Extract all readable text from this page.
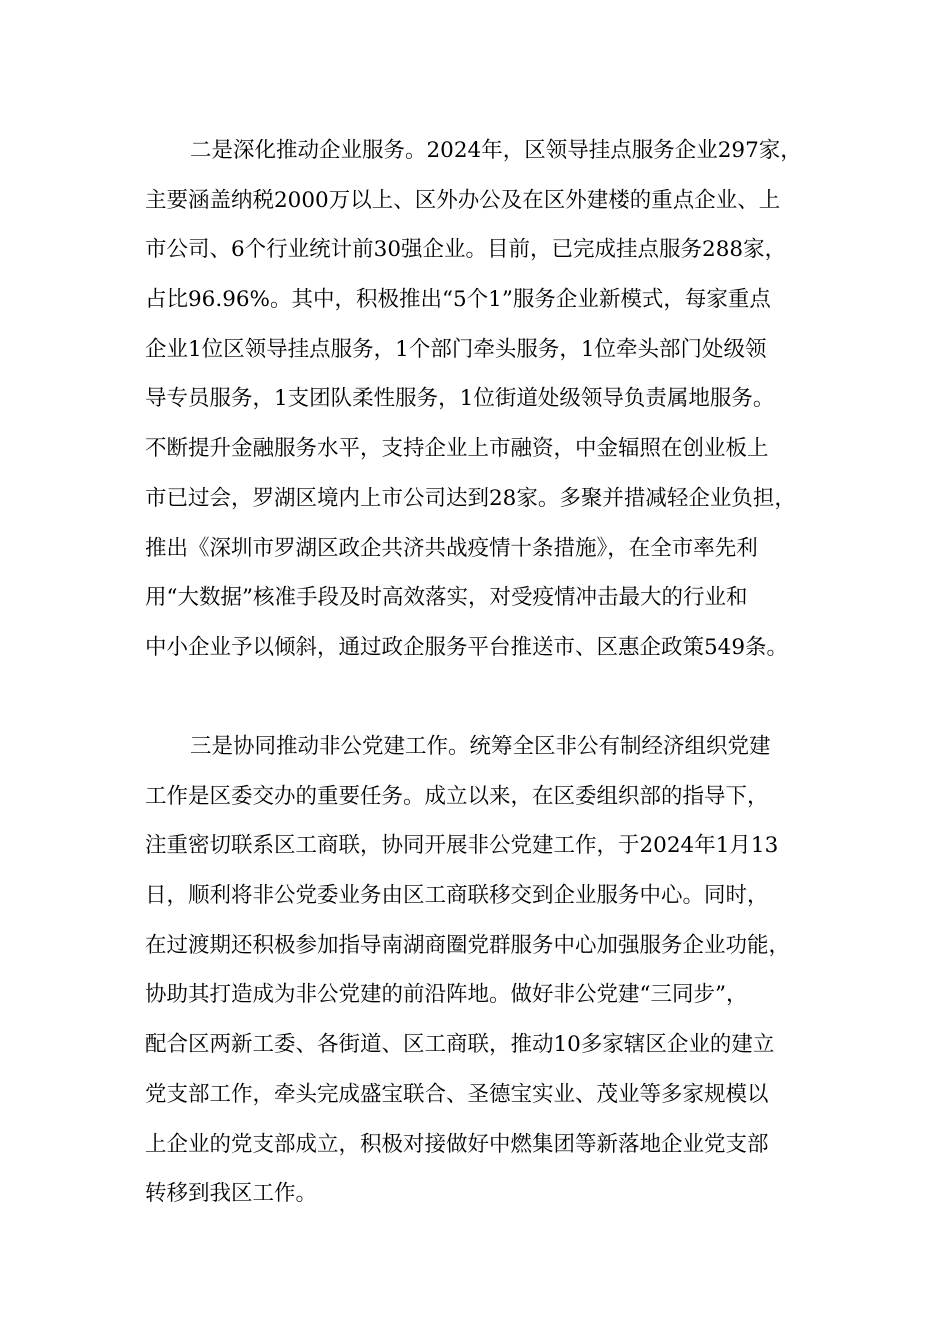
二是深化推动企业服务。2024年，区领导挂点服务企业297家，
主要涵盖纳税2000万以上、区外办公及在区外建楼的重点企业、上
市公司、6个行业统计前30强企业。目前，已完成挂点服务288家，
占比96.96%。其中，积极推出“5个1”服务企业新模式，每家重点
企业1位区领导挂点服务，1个部门牵头服务，1位牵头部门处级领
导专员服务，1支团队柔性服务，1位街道处级领导负责属地服务。
不断提升金融服务水平，支持企业上市融资，中金辐照在创业板上
市已过会，罗湖区境内上市公司达到28家。多聚并措减轻企业负担，
推出《深圳市罗湖区政企共济共战疫情十条措施》，在全市率先利
用“大数据”核准手段及时高效落实，对受疫情冲击最大的行业和
中小企业予以倾斜，通过政企服务平台推送市、区惠企政策549条。
三是协同推动非公党建工作。统筹全区非公有制经济组织党建
工作是区委交办的重要任务。成立以来，在区委组织部的指导下，
注重密切联系区工商联，协同开展非公党建工作，于2024年1月13
日，顺利将非公党委业务由区工商联移交到企业服务中心。同时，
在过渡期还积极参加指导南湖商圈党群服务中心加强服务企业功能，
协助其打造成为非公党建的前沿阵地。做好非公党建“三同步”，
配合区两新工委、各街道、区工商联，推动10多家辖区企业的建立
党支部工作，牵头完成盛宝联合、圣德宝实业、茂业等多家规模以
上企业的党支部成立，积极对接做好中燃集团等新落地企业党支部
转移到我区工作。
